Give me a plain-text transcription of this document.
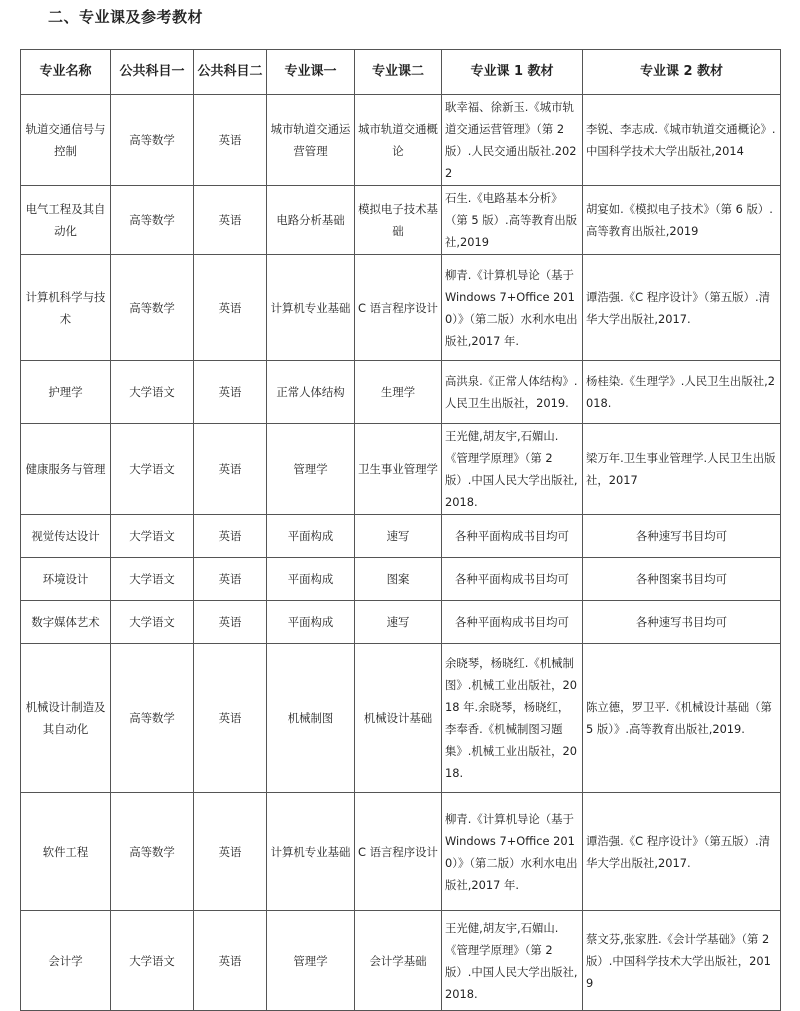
二、专业课及参考教材
专业名称	公共科目一	公共科目二	专业课一	专业课二	专业课 1 教材	专业课 2 教材
轨道交通信号与控制	高等数学	英语	城市轨道交通运营管理	城市轨道交通概论	耿幸福、徐新玉.《城市轨道交通运营管理》（第 2 版）.人民交通出版社.2022	李锐、李志成.《城市轨道交通概论》.中国科学技术大学出版社,2014
电气工程及其自动化	高等数学	英语	电路分析基础	模拟电子技术基础	石生.《电路基本分析》（第 5 版）.高等教育出版社,2019	胡宴如.《模拟电子技术》（第 6 版）.高等教育出版社,2019
计算机科学与技术	高等数学	英语	计算机专业基础	C 语言程序设计	柳青.《计算机导论（基于 Windows 7+Office 2010）》（第二版）水利水电出版社,2017 年.	谭浩强.《C 程序设计》（第五版）.清华大学出版社,2017.
护理学	大学语文	英语	正常人体结构	生理学	高洪泉.《正常人体结构》.人民卫生出版社，2019.	杨桂染.《生理学》.人民卫生出版社,2018.
健康服务与管理	大学语文	英语	管理学	卫生事业管理学	王光健,胡友宇,石媚山.《管理学原理》（第 2 版）.中国人民大学出版社,2018.	梁万年.卫生事业管理学.人民卫生出版社，2017
视觉传达设计	大学语文	英语	平面构成	速写	各种平面构成书目均可	各种速写书目均可
环境设计	大学语文	英语	平面构成	图案	各种平面构成书目均可	各种图案书目均可
数字媒体艺术	大学语文	英语	平面构成	速写	各种平面构成书目均可	各种速写书目均可
机械设计制造及其自动化	高等数学	英语	机械制图	机械设计基础	余晓琴，杨晓红.《机械制图》.机械工业出版社，2018 年.余晓琴，杨晓红，李奉香.《机械制图习题集》.机械工业出版社，2018.	陈立德，罗卫平.《机械设计基础（第 5 版）》.高等教育出版社,2019.
软件工程	高等数学	英语	计算机专业基础	C 语言程序设计	柳青.《计算机导论（基于 Windows 7+Office 2010）》（第二版）水利水电出版社,2017 年.	谭浩强.《C 程序设计》（第五版）.清华大学出版社,2017.
会计学	大学语文	英语	管理学	会计学基础	王光健,胡友宇,石媚山.《管理学原理》（第 2 版）.中国人民大学出版社,2018.	蔡文芬,张家胜.《会计学基础》（第 2 版）.中国科学技术大学出版社，2019
